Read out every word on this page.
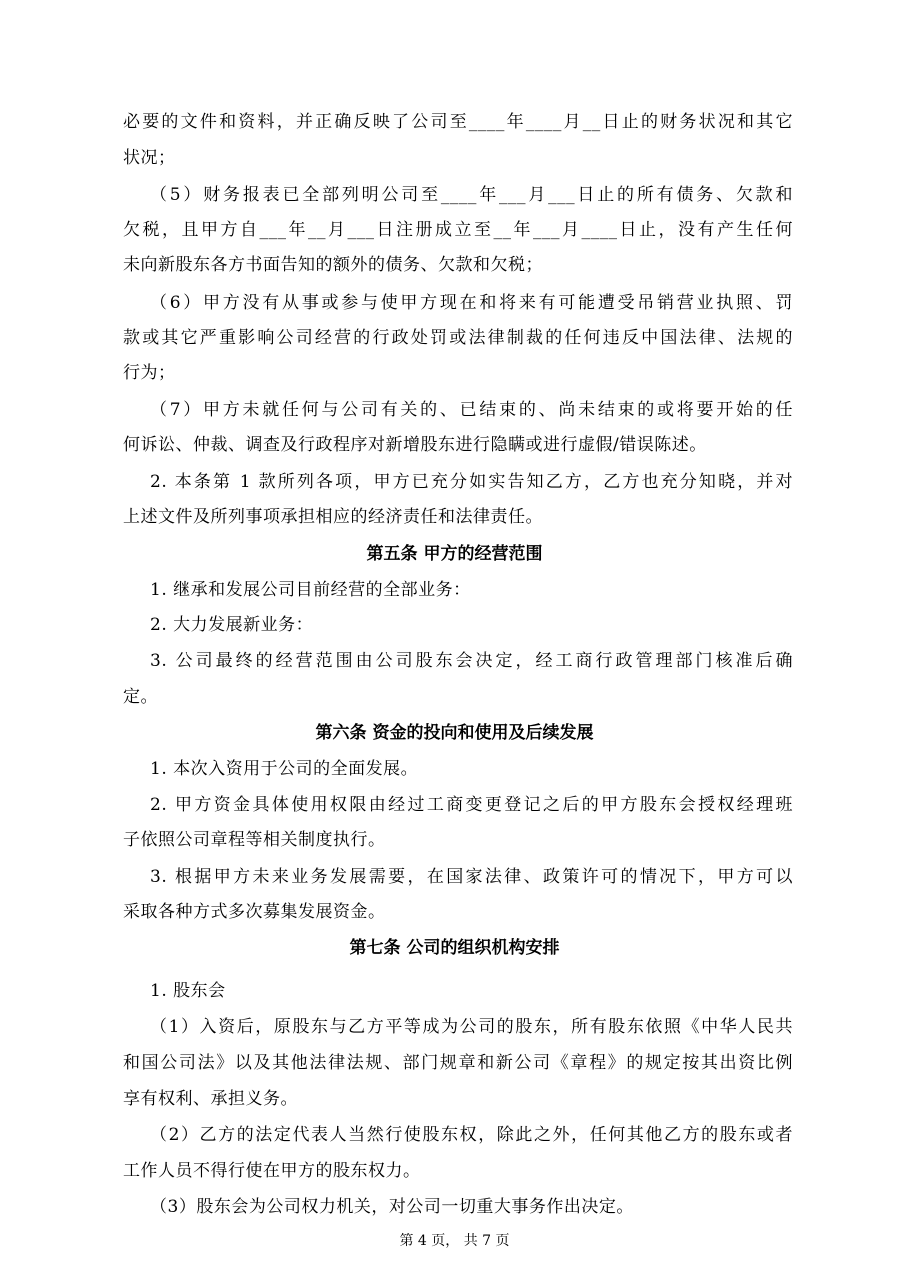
必要的文件和资料，并正确反映了公司至____年____月__日止的财务状况和其它
状况；
（5）财务报表已全部列明公司至____年___月___日止的所有债务、欠款和
欠税，且甲方自___年__月___日注册成立至__年___月____日止，没有产生任何
未向新股东各方书面告知的额外的债务、欠款和欠税；
（6）甲方没有从事或参与使甲方现在和将来有可能遭受吊销营业执照、罚
款或其它严重影响公司经营的行政处罚或法律制裁的任何违反中国法律、法规的
行为；
（7）甲方未就任何与公司有关的、已结束的、尚未结束的或将要开始的任
何诉讼、仲裁、调查及行政程序对新增股东进行隐瞒或进行虚假/错误陈述。
2. 本条第 1 款所列各项，甲方已充分如实告知乙方，乙方也充分知晓，并对
上述文件及所列事项承担相应的经济责任和法律责任。
第五条 甲方的经营范围
1. 继承和发展公司目前经营的全部业务：
2. 大力发展新业务：
3. 公司最终的经营范围由公司股东会决定，经工商行政管理部门核准后确
定。
第六条 资金的投向和使用及后续发展
1. 本次入资用于公司的全面发展。
2. 甲方资金具体使用权限由经过工商变更登记之后的甲方股东会授权经理班
子依照公司章程等相关制度执行。
3. 根据甲方未来业务发展需要，在国家法律、政策许可的情况下，甲方可以
采取各种方式多次募集发展资金。
第七条 公司的组织机构安排
1. 股东会
（1）入资后，原股东与乙方平等成为公司的股东，所有股东依照《中华人民共
和国公司法》以及其他法律法规、部门规章和新公司《章程》的规定按其出资比例
享有权利、承担义务。
（2）乙方的法定代表人当然行使股东权，除此之外，任何其他乙方的股东或者
工作人员不得行使在甲方的股东权力。
（3）股东会为公司权力机关，对公司一切重大事务作出决定。
第 4 页， 共 7 页
